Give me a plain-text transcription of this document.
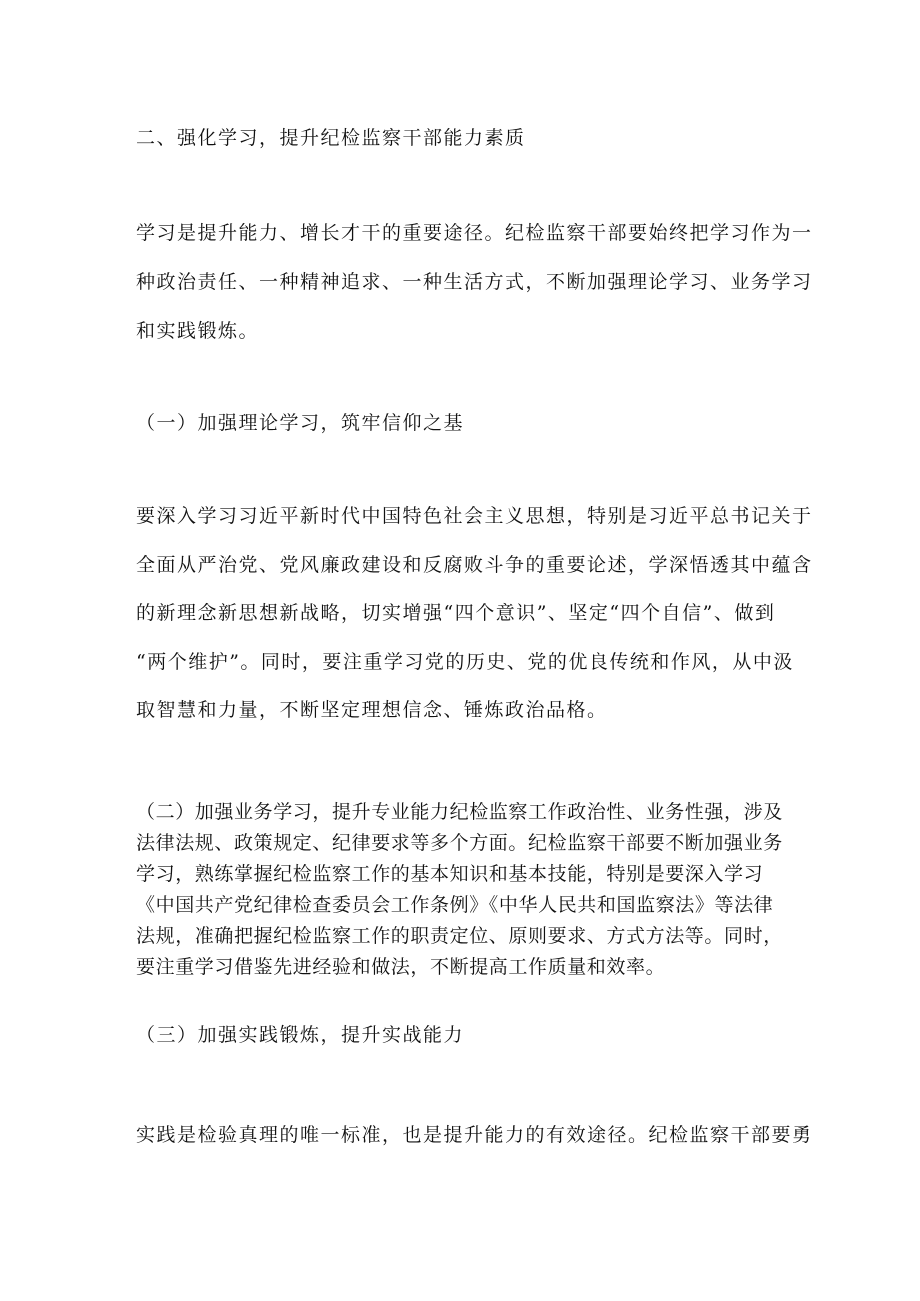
二、强化学习，提升纪检监察干部能力素质
学习是提升能力、增长才干的重要途径。纪检监察干部要始终把学习作为一
种政治责任、一种精神追求、一种生活方式，不断加强理论学习、业务学习
和实践锻炼。
（一）加强理论学习，筑牢信仰之基
要深入学习习近平新时代中国特色社会主义思想，特别是习近平总书记关于
全面从严治党、党风廉政建设和反腐败斗争的重要论述，学深悟透其中蕴含
的新理念新思想新战略，切实增强“四个意识”、坚定“四个自信”、做到
“两个维护”。同时，要注重学习党的历史、党的优良传统和作风，从中汲
取智慧和力量，不断坚定理想信念、锤炼政治品格。
（二）加强业务学习，提升专业能力纪检监察工作政治性、业务性强，涉及
法律法规、政策规定、纪律要求等多个方面。纪检监察干部要不断加强业务
学习，熟练掌握纪检监察工作的基本知识和基本技能，特别是要深入学习
《中国共产党纪律检查委员会工作条例》《中华人民共和国监察法》等法律
法规，准确把握纪检监察工作的职责定位、原则要求、方式方法等。同时，
要注重学习借鉴先进经验和做法，不断提高工作质量和效率。
（三）加强实践锻炼，提升实战能力
实践是检验真理的唯一标准，也是提升能力的有效途径。纪检监察干部要勇
